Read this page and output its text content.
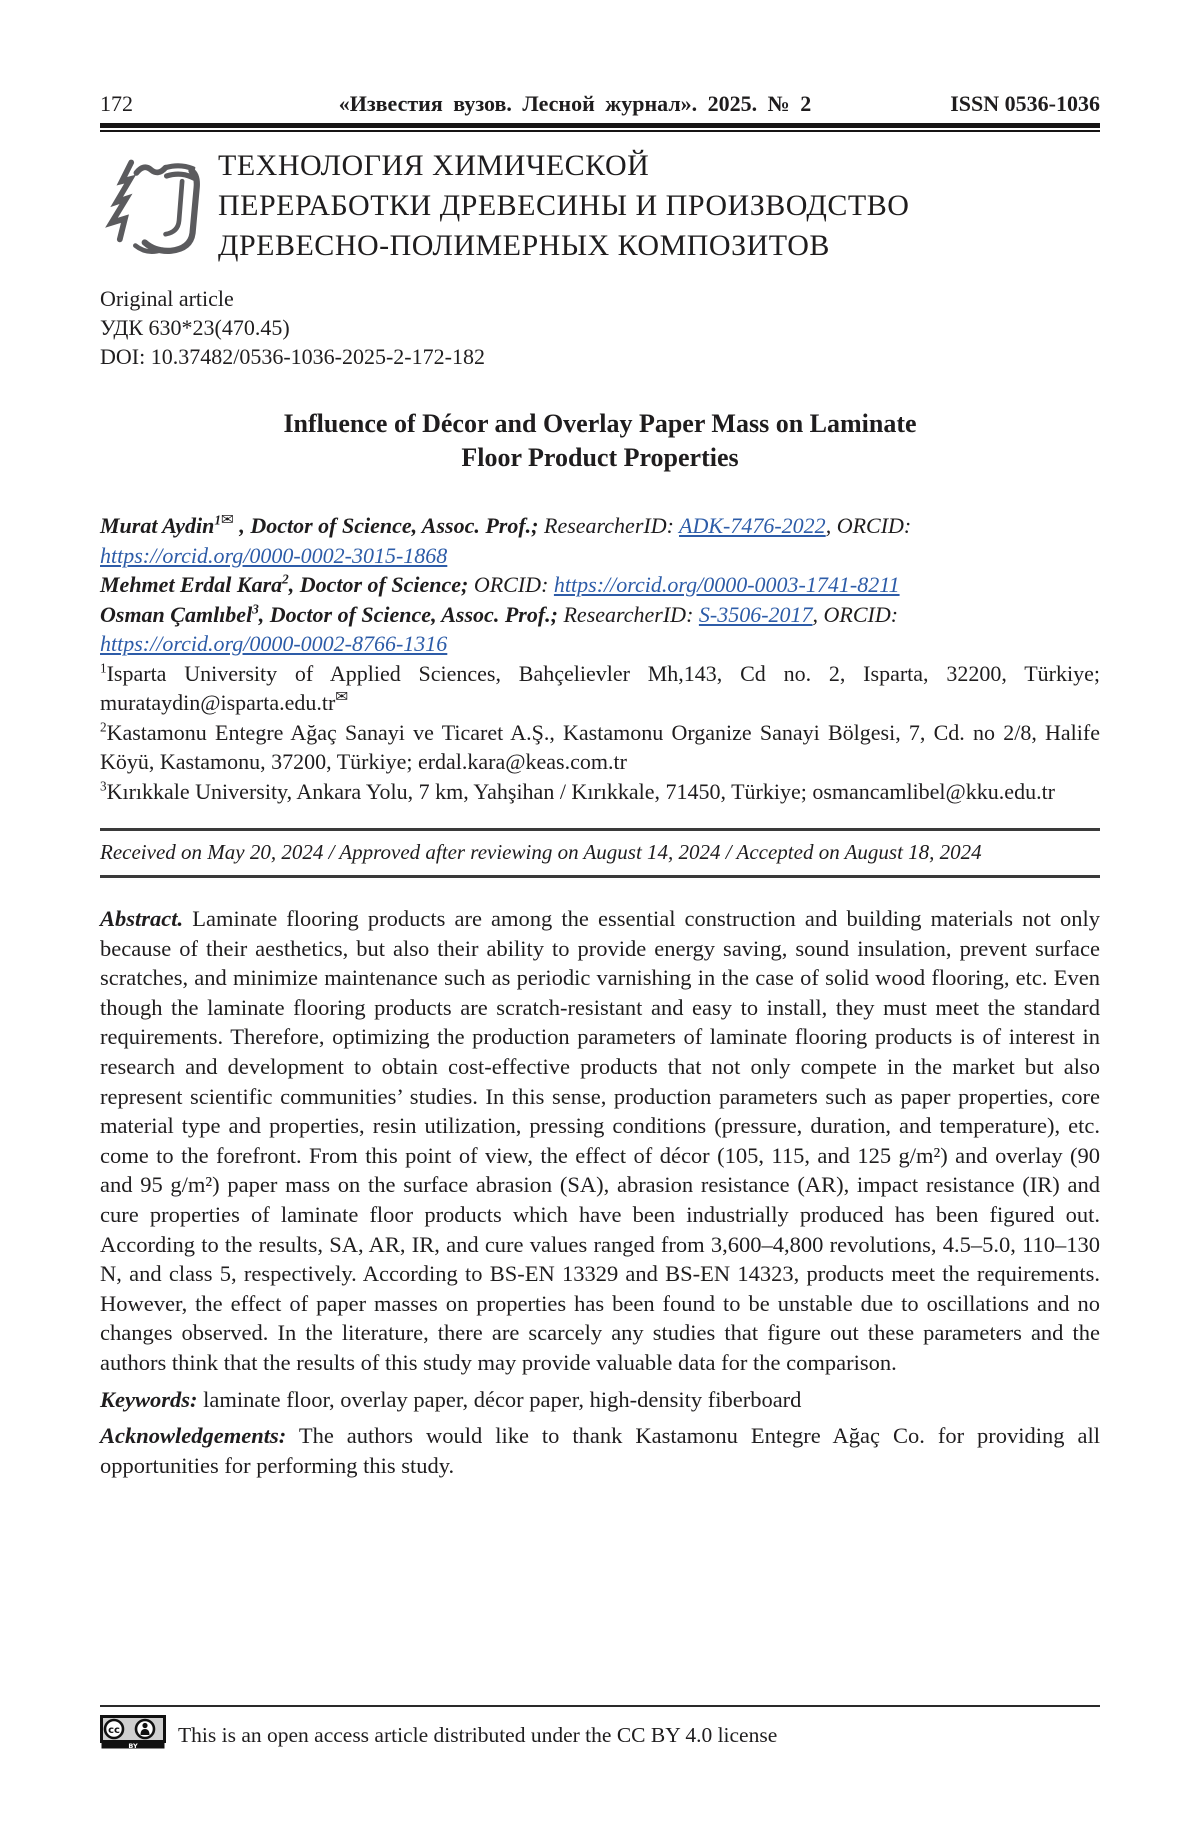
172	«Известия вузов. Лесной журнал». 2025. № 2	ISSN 0536-1036
ТЕХНОЛОГИЯ ХИМИЧЕСКОЙ
ПЕРЕРАБОТКИ ДРЕВЕСИНЫ И ПРОИЗВОДСТВО
ДРЕВЕСНО-ПОЛИМЕРНЫХ КОМПОЗИТОВ
Original article
УДК 630*23(470.45)
DOI: 10.37482/0536-1036-2025-2-172-182
Influence of Décor and Overlay Paper Mass on Laminate
Floor Product Properties

Murat Aydin$^{1✉}$ , Doctor of Science, Assoc. Prof.; ResearcherID: ADK-7476-2022, ORCID: https://orcid.org/0000-0002-3015-1868

Mehmet Erdal Kara$^2$, Doctor of Science; ORCID: https://orcid.org/0000-0003-1741-8211

Osman Çamlıbel$^3$, Doctor of Science, Assoc. Prof.; ResearcherID: S-3506-2017, ORCID: https://orcid.org/0000-0002-8766-1316

$^1$Isparta University of Applied Sciences, Bahçelievler Mh,143, Cd no. 2, Isparta, 32200, Türkiye; murataydin@isparta.edu.tr✉

$^2$Kastamonu Entegre Ağaç Sanayi ve Ticaret A.Ş., Kastamonu Organize Sanayi Bölgesi, 7, Cd. no 2/8, Halife Köyü, Kastamonu, 37200, Türkiye; erdal.kara@keas.com.tr

$^3$Kırıkkale University, Ankara Yolu, 7 km, Yahşihan / Kırıkkale, 71450, Türkiye; osmancamlibel@kku.edu.tr

Received on May 20, 2024 / Approved after reviewing on August 14, 2024 / Accepted on August 18, 2024

Abstract. Laminate flooring products are among the essential construction and building materials not only because of their aesthetics, but also their ability to provide energy saving, sound insulation, prevent surface scratches, and minimize maintenance such as periodic varnishing in the case of solid wood flooring, etc. Even though the laminate flooring products are scratch-resistant and easy to install, they must meet the standard requirements. Therefore, optimizing the production parameters of laminate flooring products is of interest in research and development to obtain cost-effective products that not only compete in the market but also represent scientific communities’ studies. In this sense, production parameters such as paper properties, core material type and properties, resin utilization, pressing conditions (pressure, duration, and temperature), etc. come to the forefront. From this point of view, the effect of décor (105, 115, and 125 g/m²) and overlay (90 and 95 g/m²) paper mass on the surface abrasion (SA), abrasion resistance (AR), impact resistance (IR) and cure properties of laminate floor products which have been industrially produced has been figured out. According to the results, SA, AR, IR, and cure values ranged from 3,600–4,800 revolutions, 4.5–5.0, 110–130 N, and class 5, respectively. According to BS-EN 13329 and BS-EN 14323, products meet the requirements. However, the effect of paper masses on properties has been found to be unstable due to oscillations and no changes observed. In the literature, there are scarcely any studies that figure out these parameters and the authors think that the results of this study may provide valuable data for the comparison.

Keywords: laminate floor, overlay paper, décor paper, high-density fiberboard

Acknowledgements: The authors would like to thank Kastamonu Entegre Ağaç Co. for providing all opportunities for performing this study.

cc
BY This is an open access article distributed under the CC BY 4.0 license
